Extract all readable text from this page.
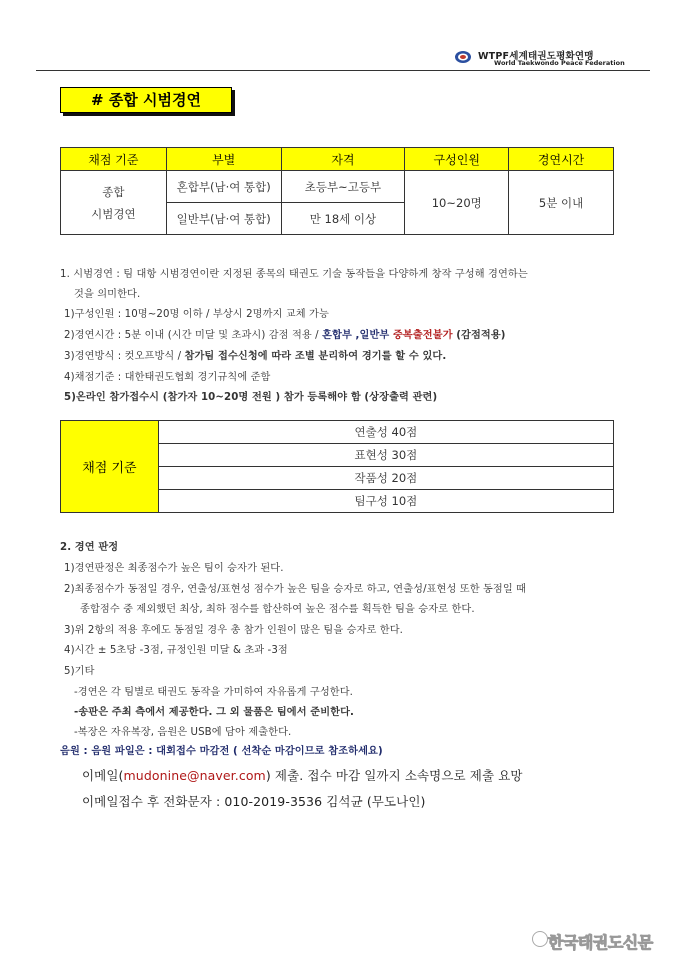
WTPF세계태권도평화연맹
World Taekwondo Peace Federation
# 종합 시범경연
채점 기준	부별	자격	구성인원	경연시간

종합
시범경연	혼합부(남·여 통합)	초등부~고등부	10~20명	5분 이내
	일반부(남·여 통합)	만 18세 이상		
1. 시범경연 : 팀 대항 시범경연이란 지정된 종목의 태권도 기술 동작들을 다양하게 창작 구성해 경연하는
것을 의미한다.
1)구성인원 : 10명~20명 이하 / 부상시 2명까지 교체 가능
2)경연시간 : 5분 이내 (시간 미달 및 초과시) 감점 적용 / 혼합부 ,일반부 중복출전불가 (감점적용)
3)경연방식 : 컷오프방식 / 참가팀 접수신청에 따라 조별 분리하여 경기를 할 수 있다.
4)채점기준 : 대한태권도협회 경기규칙에 준함
5)온라인 참가접수시 (참가자 10~20명 전원 ) 참가 등록해야 함 (상장출력 관련)
채점 기준	연출성 40점
표현성 30점
작품성 20점
팀구성 10점
2. 경연 판정
1)경연판정은 최종점수가 높은 팀이 승자가 된다.
2)최종점수가 동점일 경우, 연출성/표현성 점수가 높은 팀을 승자로 하고, 연출성/표현성 또한 동점일 때
종합점수 중 제외했던 최상, 최하 점수를 합산하여 높은 점수를 획득한 팀을 승자로 한다.
3)위 2항의 적용 후에도 동점일 경우 총 참가 인원이 많은 팀을 승자로 한다.
4)시간 ± 5초당 -3점, 규정인원 미달 & 초과 -3점
5)기타
-경연은 각 팀별로 태권도 동작을 가미하여 자유롭게 구성한다.
-송판은 주최 측에서 제공한다. 그 외 물품은 팀에서 준비한다.
-복장은 자유복장, 음원은 USB에 담아 제출한다.
음원 : 음원 파일은 : 대회접수 마감전 ( 선착순 마감이므로 참조하세요)
이메일(mudonine@naver.com) 제출. 접수 마감 일까지 소속명으로 제출 요망
이메일접수 후 전화문자 : 010-2019-3536 김석균 (무도나인)
한국태권도신문
